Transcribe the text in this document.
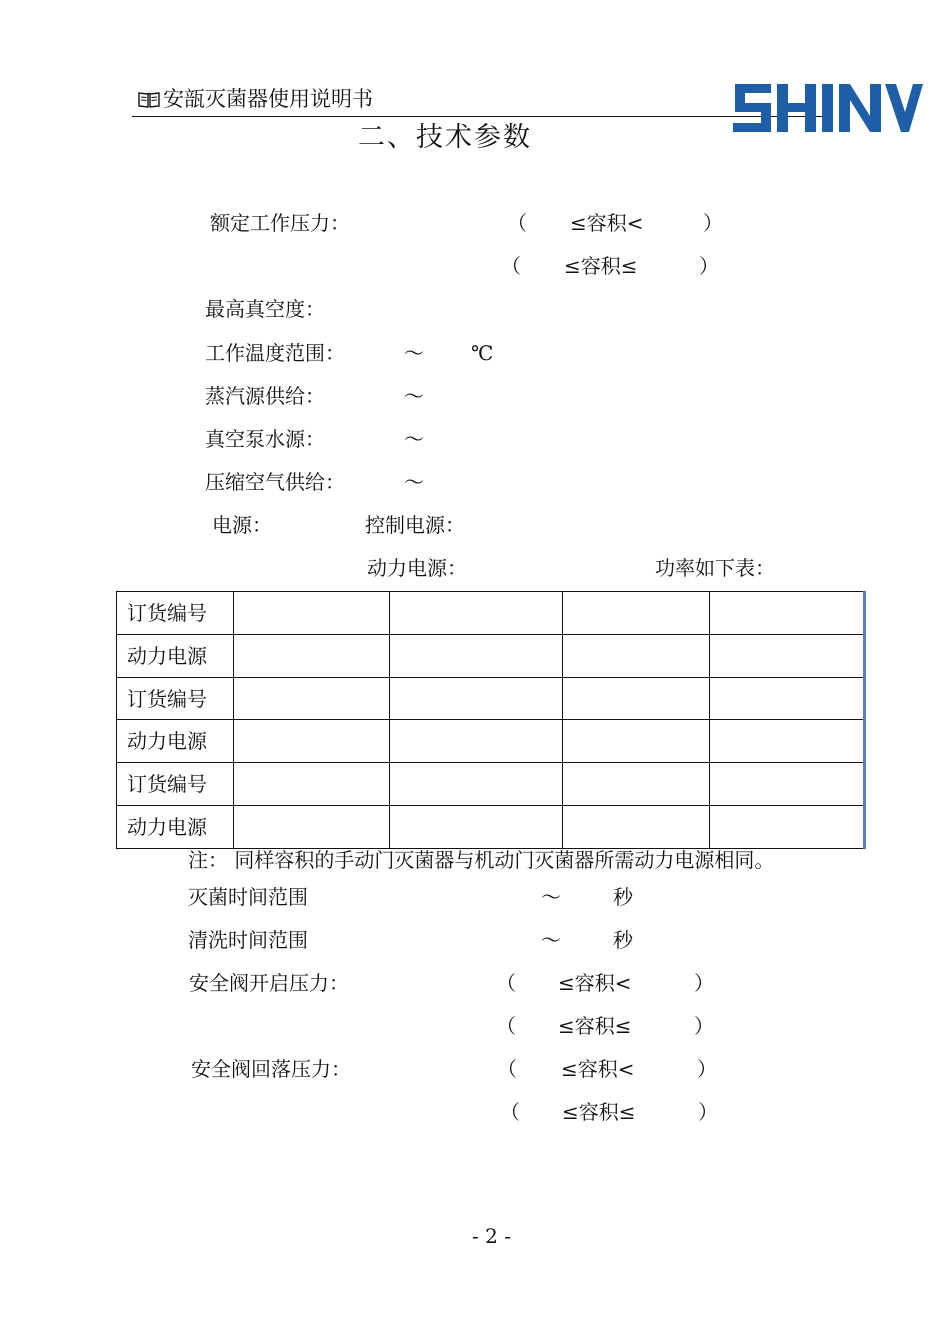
安瓿灭菌器使用说明书
二、技术参数
额定工作压力：	（ ≤容积<	）
（ ≤容积≤	）
最高真空度：
工作温度范围：	～ ℃
蒸汽源供给：	～
真空泵水源：	～
压缩空气供给：	～
电源：	控制电源：
动力电源：	功率如下表：
订货编号				
动力电源				
订货编号				
动力电源				
订货编号				
动力电源				
注： 同样容积的手动门灭菌器与机动门灭菌器所需动力电源相同。
灭菌时间范围	～	秒
清洗时间范围	～	秒
安全阀开启压力：	（ ≤容积<	）
（ ≤容积≤	）
安全阀回落压力：	（ ≤容积<	）
（ ≤容积≤	）
- 2 -
